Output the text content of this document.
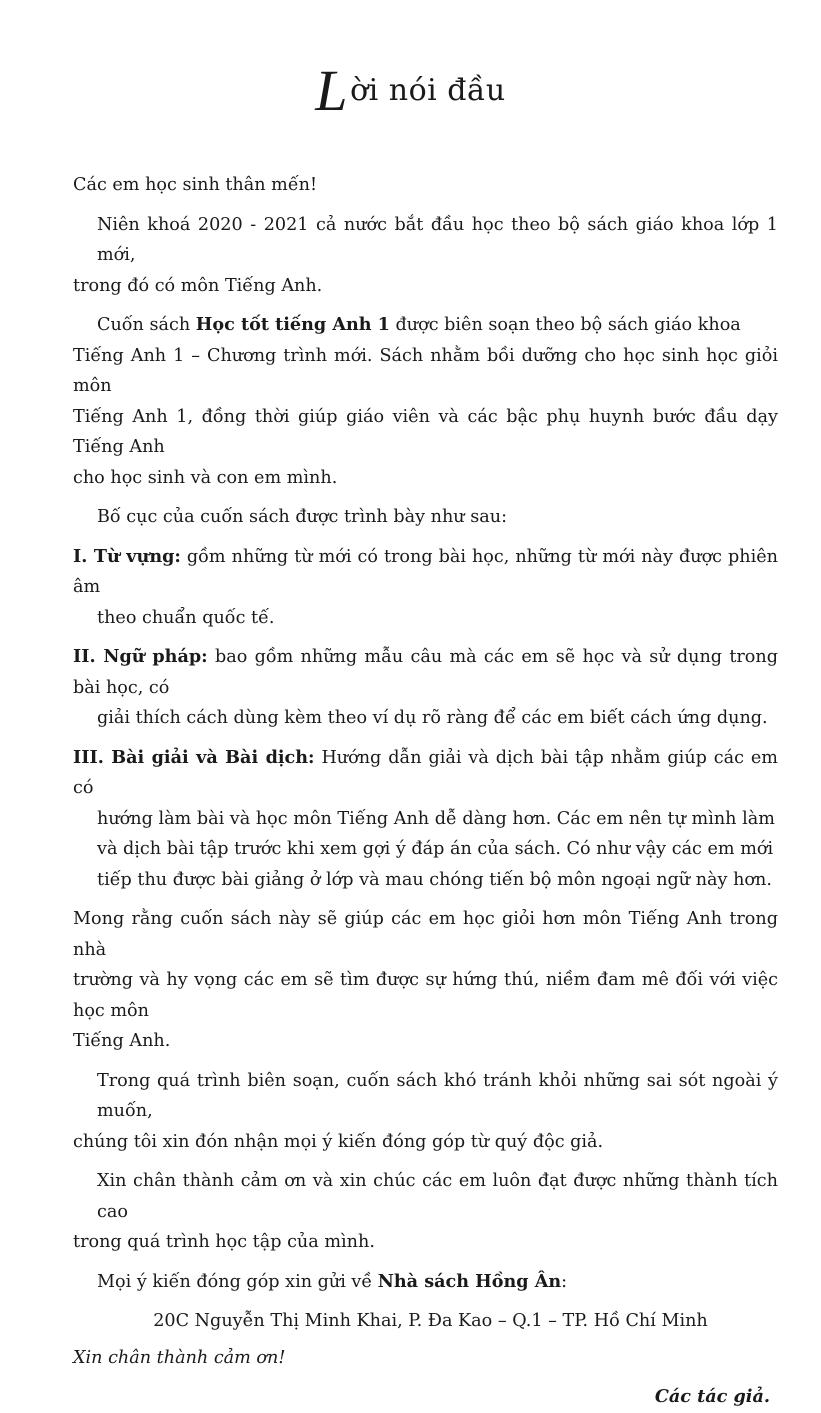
Lời nói đầu
Các em học sinh thân mến!
Niên khoá 2020 - 2021 cả nước bắt đầu học theo bộ sách giáo khoa lớp 1 mới,
trong đó có môn Tiếng Anh.
Cuốn sách Học tốt tiếng Anh 1 được biên soạn theo bộ sách giáo khoa
Tiếng Anh 1 – Chương trình mới. Sách nhằm bồi dưỡng cho học sinh học giỏi môn
Tiếng Anh 1, đồng thời giúp giáo viên và các bậc phụ huynh bước đầu dạy Tiếng Anh
cho học sinh và con em mình.
Bố cục của cuốn sách được trình bày như sau:
I. Từ vựng: gồm những từ mới có trong bài học, những từ mới này được phiên âm
theo chuẩn quốc tế.
II. Ngữ pháp: bao gồm những mẫu câu mà các em sẽ học và sử dụng trong bài học, có
giải thích cách dùng kèm theo ví dụ rõ ràng để các em biết cách ứng dụng.
III. Bài giải và Bài dịch: Hướng dẫn giải và dịch bài tập nhằm giúp các em có
hướng làm bài và học môn Tiếng Anh dễ dàng hơn. Các em nên tự mình làm
và dịch bài tập trước khi xem gợi ý đáp án của sách. Có như vậy các em mới
tiếp thu được bài giảng ở lớp và mau chóng tiến bộ môn ngoại ngữ này hơn.
Mong rằng cuốn sách này sẽ giúp các em học giỏi hơn môn Tiếng Anh trong nhà
trường và hy vọng các em sẽ tìm được sự hứng thú, niềm đam mê đối với việc học môn
Tiếng Anh.
Trong quá trình biên soạn, cuốn sách khó tránh khỏi những sai sót ngoài ý muốn,
chúng tôi xin đón nhận mọi ý kiến đóng góp từ quý độc giả.
Xin chân thành cảm ơn và xin chúc các em luôn đạt được những thành tích cao
trong quá trình học tập của mình.
Mọi ý kiến đóng góp xin gửi về Nhà sách Hồng Ân:
20C Nguyễn Thị Minh Khai, P. Đa Kao – Q.1 – TP. Hồ Chí Minh
Xin chân thành cảm ơn!
Các tác giả.
